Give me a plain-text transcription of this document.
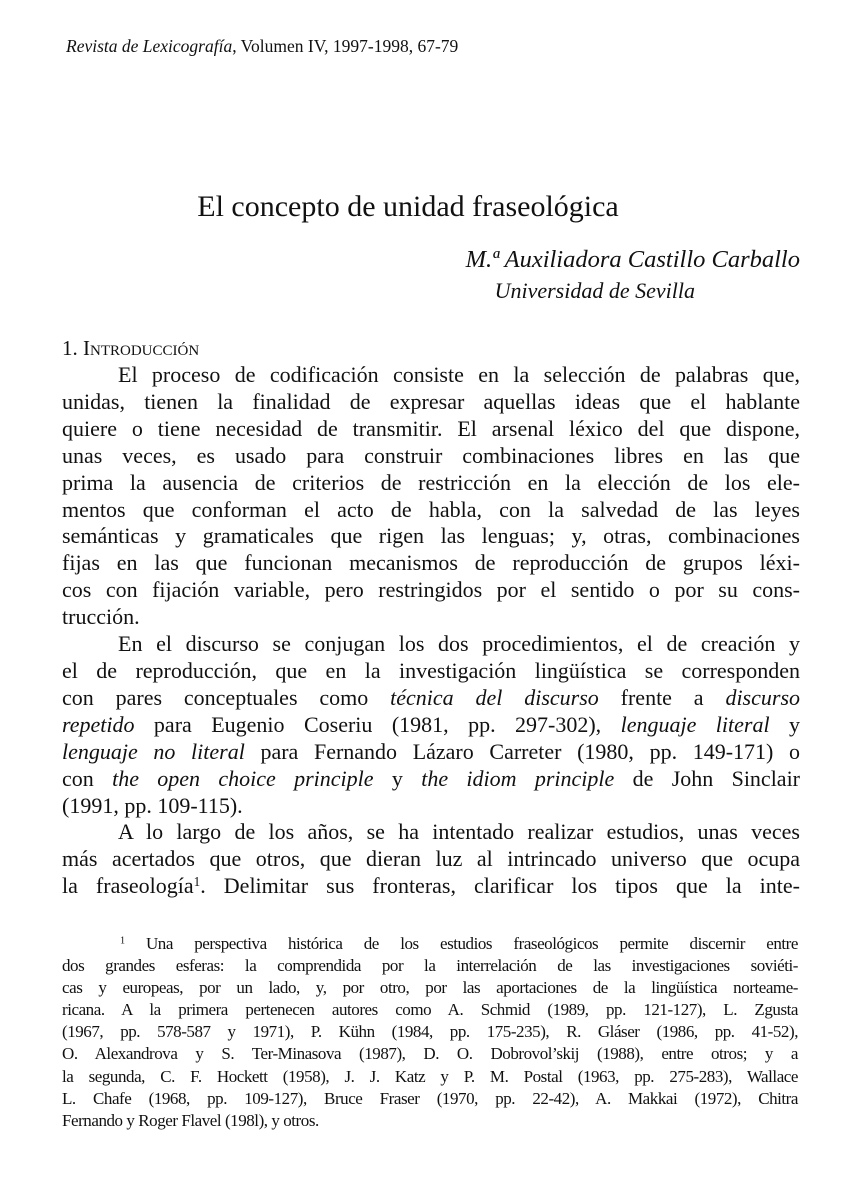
Revista de Lexicografía, Volumen IV, 1997-1998, 67-79
El concepto de unidad fraseológica
M.ª Auxiliadora Castillo Carballo
Universidad de Sevilla
1. Introducción
El proceso de codificación consiste en la selección de palabras que,
unidas, tienen la finalidad de expresar aquellas ideas que el hablante
quiere o tiene necesidad de transmitir. El arsenal léxico del que dispone,
unas veces, es usado para construir combinaciones libres en las que
prima la ausencia de criterios de restricción en la elección de los ele-
mentos que conforman el acto de habla, con la salvedad de las leyes
semánticas y gramaticales que rigen las lenguas; y, otras, combinaciones
fijas en las que funcionan mecanismos de reproducción de grupos léxi-
cos con fijación variable, pero restringidos por el sentido o por su cons-
trucción.
En el discurso se conjugan los dos procedimientos, el de creación y
el de reproducción, que en la investigación lingüística se corresponden
con pares conceptuales como técnica del discurso frente a discurso
repetido para Eugenio Coseriu (1981, pp. 297-302), lenguaje literal y
lenguaje no literal para Fernando Lázaro Carreter (1980, pp. 149-171) o
con the open choice principle y the idiom principle de John Sinclair
(1991, pp. 109-115).
A lo largo de los años, se ha intentado realizar estudios, unas veces
más acertados que otros, que dieran luz al intrincado universo que ocupa
la fraseología$^1$. Delimitar sus fronteras, clarificar los tipos que la inte-
$^1$ Una perspectiva histórica de los estudios fraseológicos permite discernir entre
dos grandes esferas: la comprendida por la interrelación de las investigaciones soviéti-
cas y europeas, por un lado, y, por otro, por las aportaciones de la lingüística norteame-
ricana. A la primera pertenecen autores como A. Schmid (1989, pp. 121-127), L. Zgusta
(1967, pp. 578-587 y 1971), P. Kühn (1984, pp. 175-235), R. Gláser (1986, pp. 41-52),
O. Alexandrova y S. Ter-Minasova (1987), D. O. Dobrovol’skij (1988), entre otros; y a
la segunda, C. F. Hockett (1958), J. J. Katz y P. M. Postal (1963, pp. 275-283), Wallace
L. Chafe (1968, pp. 109-127), Bruce Fraser (1970, pp. 22-42), A. Makkai (1972), Chitra
Fernando y Roger Flavel (198l), y otros.
